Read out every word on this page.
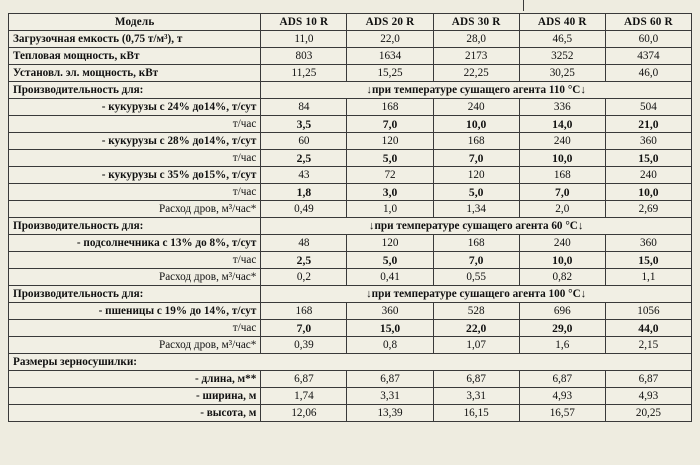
Модель	ADS 10 R	ADS 20 R	ADS 30 R	ADS 40 R	ADS 60 R
Загрузочная емкость (0,75 т/м³), т	11,0	22,0	28,0	46,5	60,0
Тепловая мощность, кВт	803	1634	2173	3252	4374
Установл. эл. мощность, кВт	11,25	15,25	22,25	30,25	46,0
Производительность для:	↓при температуре сушащего агента 110 °С↓				
- кукурузы с 24% до14%, т/сут	84	168	240	336	504
т/час	3,5	7,0	10,0	14,0	21,0
- кукурузы с 28% до14%, т/сут	60	120	168	240	360
т/час	2,5	5,0	7,0	10,0	15,0
- кукурузы с 35% до15%, т/сут	43	72	120	168	240
т/час	1,8	3,0	5,0	7,0	10,0
Расход дров, м³/час*	0,49	1,0	1,34	2,0	2,69
Производительность для:	↓при температуре сушащего агента 60 °С↓				
- подсолнечника с 13% до 8%, т/сут	48	120	168	240	360
т/час	2,5	5,0	7,0	10,0	15,0
Расход дров, м³/час*	0,2	0,41	0,55	0,82	1,1
Производительность для:	↓при температуре сушащего агента 100 °С↓				
- пшеницы с 19% до 14%, т/сут	168	360	528	696	1056
т/час	7,0	15,0	22,0	29,0	44,0
Расход дров, м³/час*	0,39	0,8	1,07	1,6	2,15
Размеры зерносушилки:					
- длина, м**	6,87	6,87	6,87	6,87	6,87
- ширина, м	1,74	3,31	3,31	4,93	4,93
- высота, м	12,06	13,39	16,15	16,57	20,25
